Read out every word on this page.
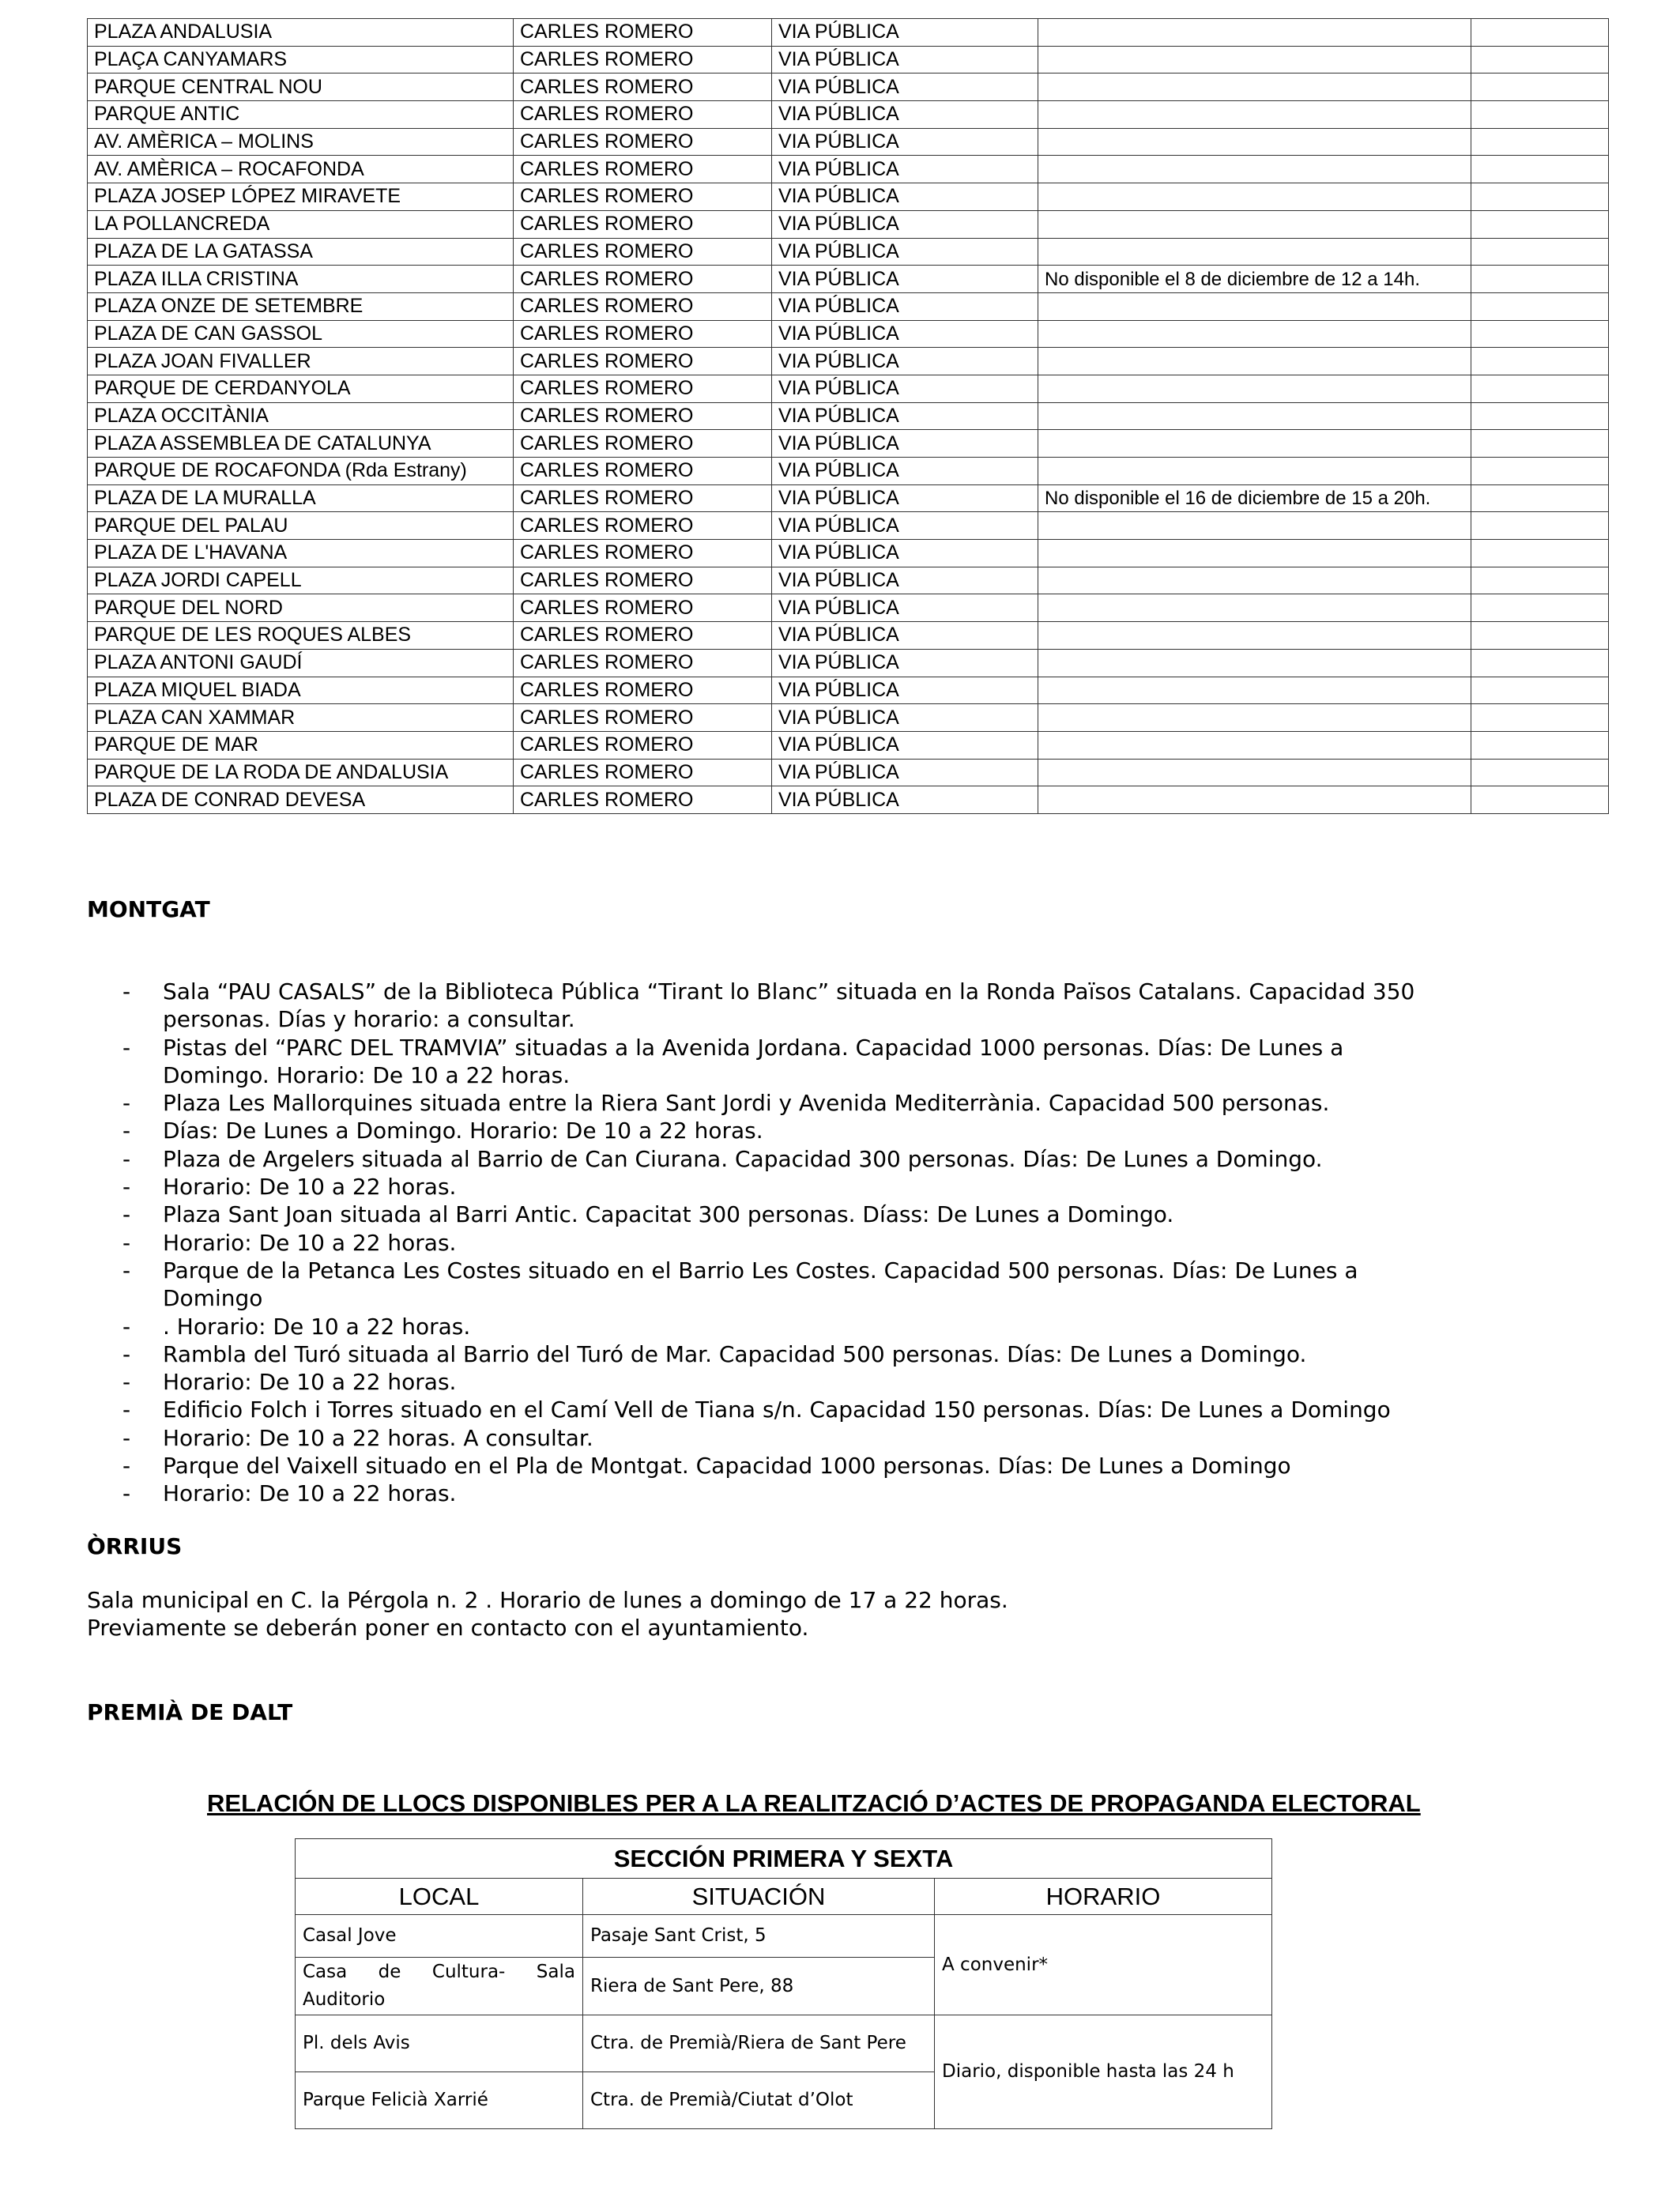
PLAZA ANDALUSIA	CARLES ROMERO	VIA PÚBLICA		
PLAÇA CANYAMARS	CARLES ROMERO	VIA PÚBLICA		
PARQUE CENTRAL NOU	CARLES ROMERO	VIA PÚBLICA		
PARQUE ANTIC	CARLES ROMERO	VIA PÚBLICA		
AV. AMÈRICA – MOLINS	CARLES ROMERO	VIA PÚBLICA		
AV. AMÈRICA – ROCAFONDA	CARLES ROMERO	VIA PÚBLICA		
PLAZA JOSEP LÓPEZ MIRAVETE	CARLES ROMERO	VIA PÚBLICA		
LA POLLANCREDA	CARLES ROMERO	VIA PÚBLICA		
PLAZA DE LA GATASSA	CARLES ROMERO	VIA PÚBLICA		
PLAZA ILLA CRISTINA	CARLES ROMERO	VIA PÚBLICA	No disponible el 8 de diciembre de 12 a 14h.	
PLAZA ONZE DE SETEMBRE	CARLES ROMERO	VIA PÚBLICA		
PLAZA DE CAN GASSOL	CARLES ROMERO	VIA PÚBLICA		
PLAZA JOAN FIVALLER	CARLES ROMERO	VIA PÚBLICA		
PARQUE DE CERDANYOLA	CARLES ROMERO	VIA PÚBLICA		
PLAZA OCCITÀNIA	CARLES ROMERO	VIA PÚBLICA		
PLAZA ASSEMBLEA DE CATALUNYA	CARLES ROMERO	VIA PÚBLICA		
PARQUE DE ROCAFONDA (Rda Estrany)	CARLES ROMERO	VIA PÚBLICA		
PLAZA DE LA MURALLA	CARLES ROMERO	VIA PÚBLICA	No disponible el 16 de diciembre de 15 a 20h.	
PARQUE DEL PALAU	CARLES ROMERO	VIA PÚBLICA		
PLAZA DE L'HAVANA	CARLES ROMERO	VIA PÚBLICA		
PLAZA JORDI CAPELL	CARLES ROMERO	VIA PÚBLICA		
PARQUE DEL NORD	CARLES ROMERO	VIA PÚBLICA		
PARQUE DE LES ROQUES ALBES	CARLES ROMERO	VIA PÚBLICA		
PLAZA ANTONI GAUDÍ	CARLES ROMERO	VIA PÚBLICA		
PLAZA MIQUEL BIADA	CARLES ROMERO	VIA PÚBLICA		
PLAZA CAN XAMMAR	CARLES ROMERO	VIA PÚBLICA		
PARQUE DE MAR	CARLES ROMERO	VIA PÚBLICA		
PARQUE DE LA RODA DE ANDALUSIA	CARLES ROMERO	VIA PÚBLICA		
PLAZA DE CONRAD DEVESA	CARLES ROMERO	VIA PÚBLICA		
MONTGAT
- Sala “PAU CASALS” de la Biblioteca Pública “Tirant lo Blanc” situada en la Ronda Països Catalans. Capacidad 350
personas. Días y horario: a consultar.
- Pistas del “PARC DEL TRAMVIA” situadas a la Avenida Jordana. Capacidad 1000 personas. Días: De Lunes a
Domingo. Horario: De 10 a 22 horas.
- Plaza Les Mallorquines situada entre la Riera Sant Jordi y Avenida Mediterrània. Capacidad 500 personas.
- Días: De Lunes a Domingo. Horario: De 10 a 22 horas.
- Plaza de Argelers situada al Barrio de Can Ciurana. Capacidad 300 personas. Días: De Lunes a Domingo.
- Horario: De 10 a 22 horas.
- Plaza Sant Joan situada al Barri Antic. Capacitat 300 personas. Díass: De Lunes a Domingo.
- Horario: De 10 a 22 horas.
- Parque de la Petanca Les Costes situado en el Barrio Les Costes. Capacidad 500 personas. Días: De Lunes a
Domingo
- . Horario: De 10 a 22 horas.
- Rambla del Turó situada al Barrio del Turó de Mar. Capacidad 500 personas. Días: De Lunes a Domingo.
- Horario: De 10 a 22 horas.
- Edificio Folch i Torres situado en el Camí Vell de Tiana s/n. Capacidad 150 personas. Días: De Lunes a Domingo
- Horario: De 10 a 22 horas. A consultar.
- Parque del Vaixell situado en el Pla de Montgat. Capacidad 1000 personas. Días: De Lunes a Domingo
- Horario: De 10 a 22 horas.
ÒRRIUS
Sala municipal en C. la Pérgola n. 2 . Horario de lunes a domingo de 17 a 22 horas.
Previamente se deberán poner en contacto con el ayuntamiento.
PREMIÀ DE DALT
RELACIÓN DE LLOCS DISPONIBLES PER A LA REALITZACIÓ D’ACTES DE PROPAGANDA ELECTORAL
SECCIÓN PRIMERA Y SEXTA		
LOCAL	SITUACIÓN	HORARIO
Casal Jove	Pasaje Sant Crist, 5	A convenir*

Casa de Cultura- Sala
Auditorio	Riera de Sant Pere, 88	
Pl. dels Avis	Ctra. de Premià/Riera de Sant Pere	Diario, disponible hasta las 24 h
Parque Felicià Xarrié	Ctra. de Premià/Ciutat d’Olot	
